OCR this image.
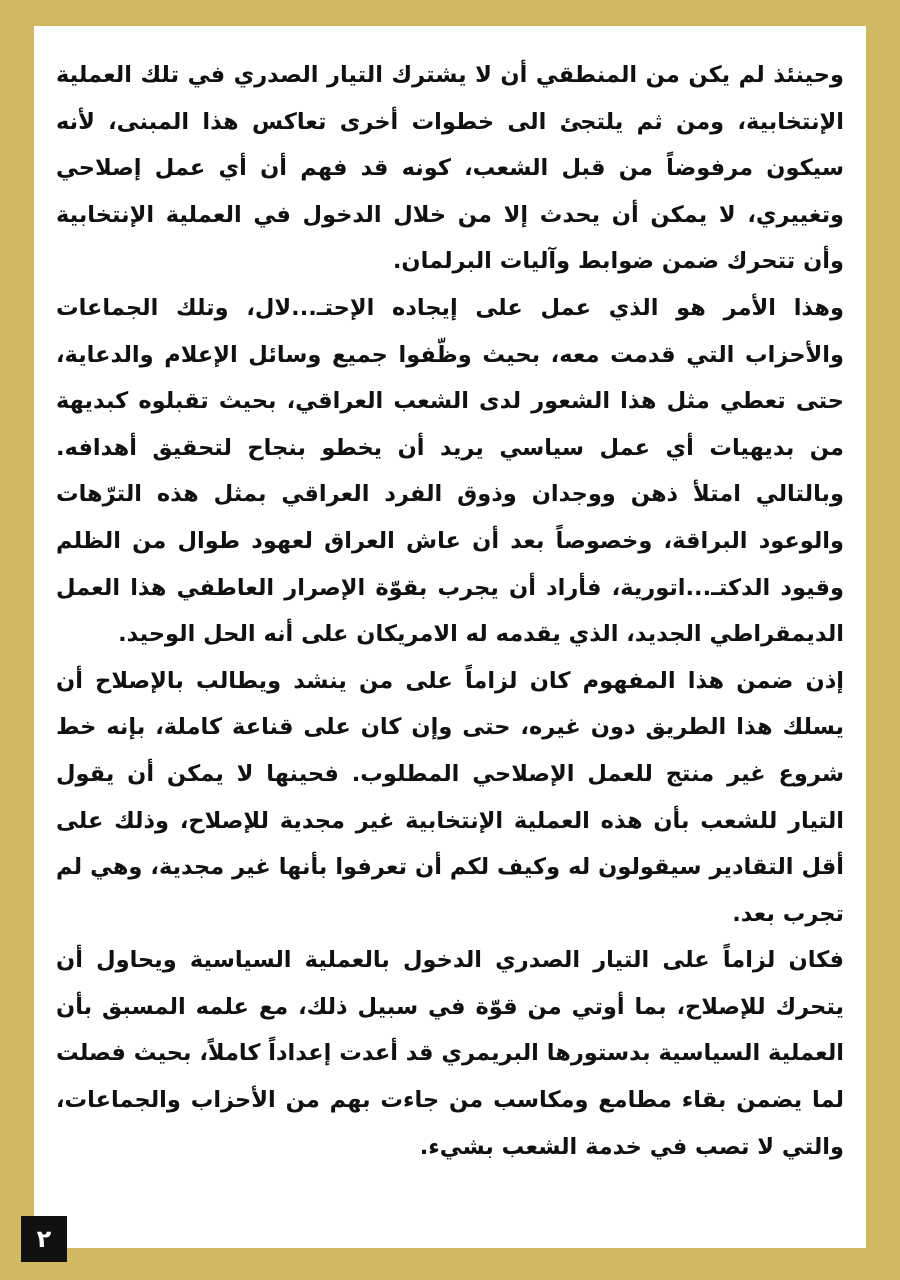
وحينئذ لم يكن من المنطقي أن لا يشترك التيار الصدري في تلك العملية الإنتخابية، ومن ثم يلتجئ الى خطوات أخرى تعاكس هذا المبنى، لأنه سيكون مرفوضاً من قبل الشعب، كونه قد فهم أن أي عمل إصلاحي وتغييري، لا يمكن أن يحدث إلا من خلال الدخول في العملية الإنتخابية وأن تتحرك ضمن ضوابط وآليات البرلمان.

وهذا الأمر هو الذي عمل على إيجاده الإحتـ...لال، وتلك الجماعات والأحزاب التي قدمت معه، بحيث وظّفوا جميع وسائل الإعلام والدعاية، حتى تعطي مثل هذا الشعور لدى الشعب العراقي، بحيث تقبلوه كبديهة من بديهيات أي عمل سياسي يريد أن يخطو بنجاح لتحقيق أهدافه. وبالتالي امتلأ ذهن ووجدان وذوق الفرد العراقي بمثل هذه الترّهات والوعود البراقة، وخصوصاً بعد أن عاش العراق لعهود طوال من الظلم وقيود الدكتـ...اتورية، فأراد أن يجرب بقوّة الإصرار العاطفي هذا العمل الديمقراطي الجديد، الذي يقدمه له الامريكان على أنه الحل الوحيد.

إذن ضمن هذا المفهوم كان لزاماً على من ينشد ويطالب بالإصلاح أن يسلك هذا الطريق دون غيره، حتى وإن كان على قناعة كاملة، بإنه خط شروع غير منتج للعمل الإصلاحي المطلوب. فحينها لا يمكن أن يقول التيار للشعب بأن هذه العملية الإنتخابية غير مجدية للإصلاح، وذلك على أقل التقادير سيقولون له وكيف لكم أن تعرفوا بأنها غير مجدية، وهي لم تجرب بعد.

فكان لزاماً على التيار الصدري الدخول بالعملية السياسية ويحاول أن يتحرك للإصلاح، بما أوتي من قوّة في سبيل ذلك، مع علمه المسبق بأن العملية السياسية بدستورها البريمري قد أعدت إعداداً كاملاً، بحيث فصلت لما يضمن بقاء مطامع ومكاسب من جاءت بهم من الأحزاب والجماعات، والتي لا تصب في خدمة الشعب بشيء.

٢
